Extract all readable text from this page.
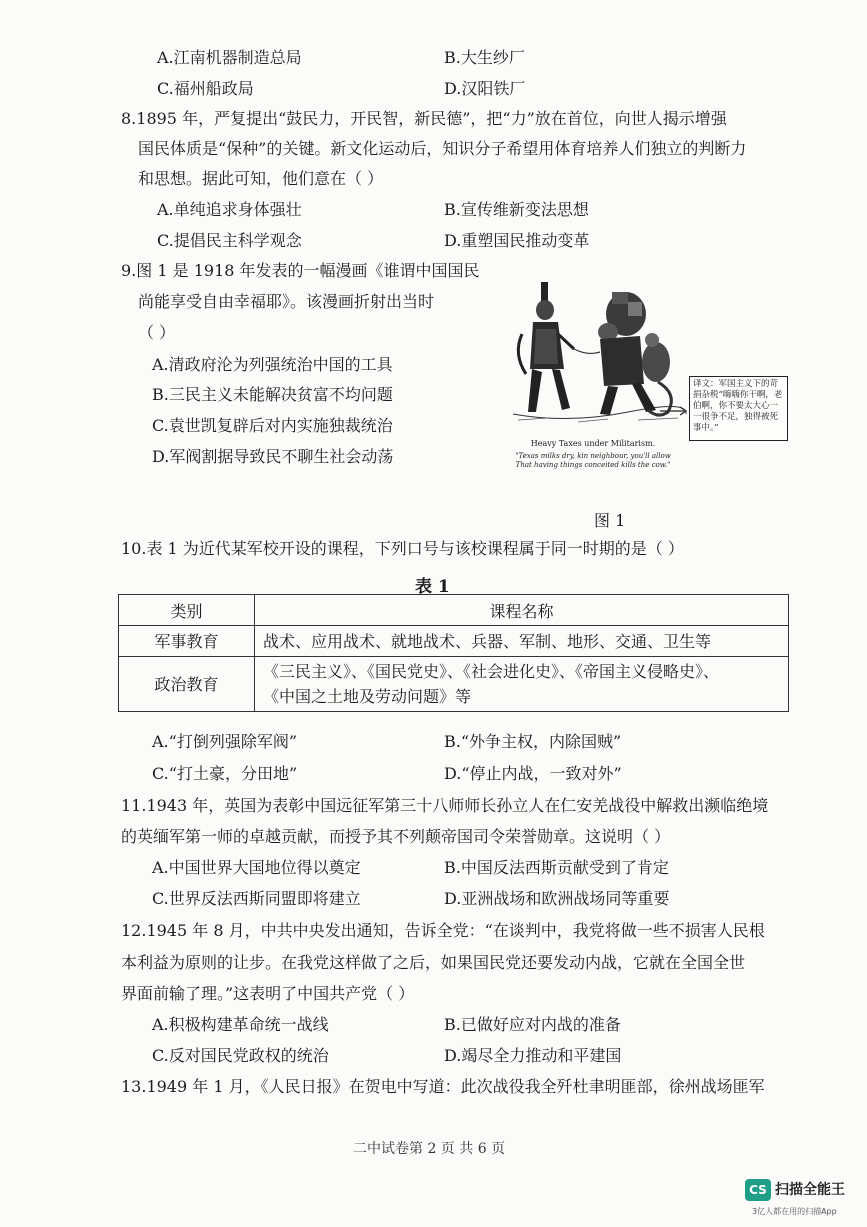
A.江南机器制造总局	B.大生纱厂
C.福州船政局	D.汉阳铁厂
8.1895 年，严复提出“鼓民力，开民智，新民德”，把“力”放在首位，向世人揭示增强
国民体质是“保种”的关键。新文化运动后，知识分子希望用体育培养人们独立的判断力
和思想。据此可知，他们意在（ ）
A.单纯追求身体强壮	B.宣传维新变法思想
C.提倡民主科学观念	D.重塑国民推动变革
9.图 1 是 1918 年发表的一幅漫画《谁谓中国国民
尚能享受自由幸福耶》。该漫画折射出当时
（ ）
A.清政府沦为列强统治中国的工具
B.三民主义未能解决贫富不均问题
C.袁世凯复辟后对内实施独裁统治
D.军阀割据导致民不聊生社会动荡
Heavy Taxes under Militarism.
"Texas milks dry, kin neighbour, you'll allow That having things conceited kills the cow."
译文：军国主义下的苛捐杂税“嗨嗨你干啊，老伯啊，你不要太大心一一很争不足，独得被死事中。”
图 1
10.表 1 为近代某军校开设的课程，下列口号与该校课程属于同一时期的是（ ）
表 1
类别	课程名称
军事教育	战术、应用战术、就地战术、兵器、军制、地形、交通、卫生等
政治教育	《三民主义》、《国民党史》、《社会进化史》、《帝国主义侵略史》、
《中国之土地及劳动问题》等
A.“打倒列强除军阀”	B.“外争主权，内除国贼”
C.“打土豪，分田地”	D.“停止内战，一致对外”
11.1943 年，英国为表彰中国远征军第三十八师师长孙立人在仁安羌战役中解救出濒临绝境
的英缅军第一师的卓越贡献，而授予其不列颠帝国司令荣誉勋章。这说明（ ）
A.中国世界大国地位得以奠定	B.中国反法西斯贡献受到了肯定
C.世界反法西斯同盟即将建立	D.亚洲战场和欧洲战场同等重要
12.1945 年 8 月，中共中央发出通知，告诉全党：“在谈判中，我党将做一些不损害人民根
本利益为原则的让步。在我党这样做了之后，如果国民党还要发动内战，它就在全国全世
界面前输了理。”这表明了中国共产党（ ）
A.积极构建革命统一战线	B.已做好应对内战的准备
C.反对国民党政权的统治	D.竭尽全力推动和平建国
13.1949 年 1 月，《人民日报》在贺电中写道：此次战役我全歼杜聿明匪部，徐州战场匪军
二中试卷第 2 页 共 6 页
CS 扫描全能王
3亿人都在用的扫描App
